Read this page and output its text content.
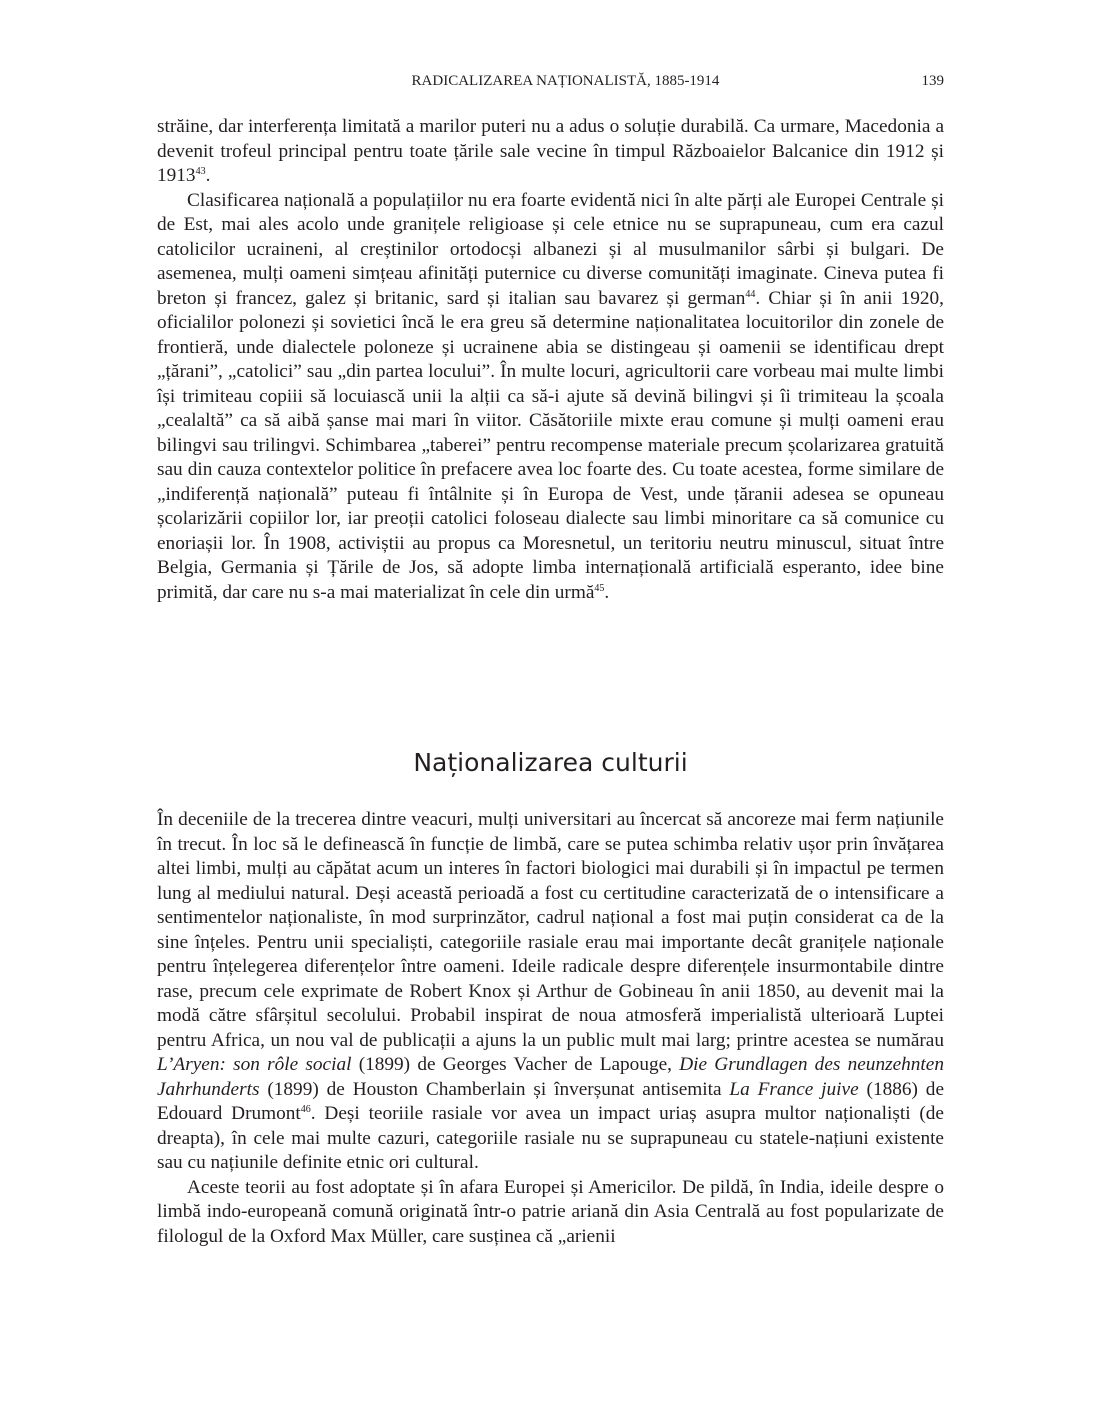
RADICALIZAREA NAȚIONALISTĂ, 1885-1914	139

străine, dar interferența limitată a marilor puteri nu a adus o soluție durabilă. Ca urmare, Macedonia a devenit trofeul principal pentru toate țările sale vecine în timpul Războaielor Balcanice din 1912 și 1913$^{43}$.

Clasificarea națională a populațiilor nu era foarte evidentă nici în alte părți ale Europei Centrale și de Est, mai ales acolo unde granițele religioase și cele etnice nu se suprapuneau, cum era cazul catolicilor ucraineni, al creștinilor ortodocși albanezi și al musulmanilor sârbi și bulgari. De asemenea, mulți oameni simțeau afinități puternice cu diverse comunități imaginate. Cineva putea fi breton și francez, galez și britanic, sard și italian sau bavarez și german$^{44}$. Chiar și în anii 1920, oficialilor polonezi și sovietici încă le era greu să determine naționalitatea locuitorilor din zonele de frontieră, unde dialectele poloneze și ucrainene abia se distingeau și oamenii se identificau drept „țărani”, „catolici” sau „din partea locului”. În multe locuri, agricultorii care vorbeau mai multe limbi își trimiteau copiii să locuiască unii la alții ca să-i ajute să devină bilingvi și îi trimiteau la școala „cealaltă” ca să aibă șanse mai mari în viitor. Căsătoriile mixte erau comune și mulți oameni erau bilingvi sau trilingvi. Schimbarea „taberei” pentru recompense materiale precum școlarizarea gratuită sau din cauza contextelor politice în prefacere avea loc foarte des. Cu toate acestea, forme similare de „indiferență națională” puteau fi întâlnite și în Europa de Vest, unde țăranii adesea se opuneau școlarizării copiilor lor, iar preoții catolici foloseau dialecte sau limbi minoritare ca să comunice cu enoriașii lor. În 1908, activiștii au propus ca Moresnetul, un teritoriu neutru minuscul, situat între Belgia, Germania și Țările de Jos, să adopte limba internațională artificială esperanto, idee bine primită, dar care nu s-a mai materializat în cele din urmă$^{45}$.

Naționalizarea culturii

În deceniile de la trecerea dintre veacuri, mulți universitari au încercat să ancoreze mai ferm națiunile în trecut. În loc să le definească în funcție de limbă, care se putea schimba relativ ușor prin învățarea altei limbi, mulți au căpătat acum un interes în factori biologici mai durabili și în impactul pe termen lung al mediului natural. Deși această perioadă a fost cu certitudine caracterizată de o intensificare a sentimentelor naționaliste, în mod surprinzător, cadrul național a fost mai puțin considerat ca de la sine înțeles. Pentru unii specialiști, categoriile rasiale erau mai importante decât granițele naționale pentru înțelegerea diferențelor între oameni. Ideile radicale despre diferențele insurmontabile dintre rase, precum cele exprimate de Robert Knox și Arthur de Gobineau în anii 1850, au devenit mai la modă către sfârșitul secolului. Probabil inspirat de noua atmosferă imperialistă ulterioară Luptei pentru Africa, un nou val de publicații a ajuns la un public mult mai larg; printre acestea se numărau L’Aryen: son rôle social (1899) de Georges Vacher de Lapouge, Die Grundlagen des neunzehnten Jahrhunderts (1899) de Houston Chamberlain și înverșunat antisemita La France juive (1886) de Edouard Drumont$^{46}$. Deși teoriile rasiale vor avea un impact uriaș asupra multor naționaliști (de dreapta), în cele mai multe cazuri, categoriile rasiale nu se suprapuneau cu statele-națiuni existente sau cu națiunile definite etnic ori cultural.

Aceste teorii au fost adoptate și în afara Europei și Americilor. De pildă, în India, ideile despre o limbă indo-europeană comună originată într-o patrie ariană din Asia Centrală au fost popularizate de filologul de la Oxford Max Müller, care susținea că „arienii
